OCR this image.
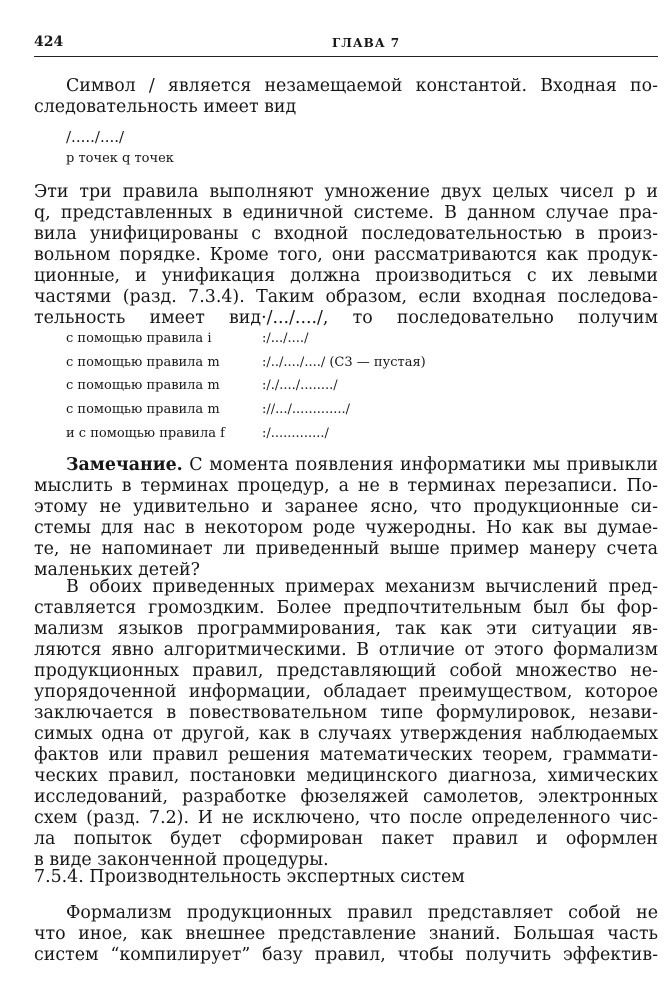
424	ГЛАВА 7
Символ / является незамещаемой константой. Входная по-
следовательность имеет вид
/...../..../
p точек q точек
Эти три правила выполняют умножение двух целых чисел p и
q, представленных в единичной системе. В данном случае пра-
вила унифицированы с входной последовательностью в произ-
вольном порядке. Кроме того, они рассматриваются как продук-
ционные, и унификация должна производиться с их левыми
частями (разд. 7.3.4). Таким образом, если входная последова-
тельность имеет вид·/.../..../, то последовательно получим
с помощью правила i	:/.../..../
с помощью правила m	:/../..../..../ (С3 — пустая)
с помощью правила m	:/./..../......../
с помощью правила m	://.../............./
и с помощью правила f	:/............./
Замечание. С момента появления информатики мы привыкли
мыслить в терминах процедур, а не в терминах перезаписи. По-
этому не удивительно и заранее ясно, что продукционные си-
стемы для нас в некотором роде чужеродны. Но как вы думае-
те, не напоминает ли приведенный выше пример манеру счета
маленьких детей?
В обоих приведенных примерах механизм вычислений пред-
ставляется громоздким. Более предпочтительным был бы фор-
мализм языков программирования, так как эти ситуации яв-
ляются явно алгоритмическими. В отличие от этого формализм
продукционных правил, представляющий собой множество не-
упорядоченной информации, обладает преимуществом, которое
заключается в повествовательном типе формулировок, незави-
симых одна от другой, как в случаях утверждения наблюдаемых
фактов или правил решения математических теорем, граммати-
ческих правил, постановки медицинского диагноза, химических
исследований, разработке фюзеляжей самолетов, электронных
схем (разд. 7.2). И не исключено, что после определенного чис-
ла попыток будет сформирован пакет правил и оформлен
в виде законченной процедуры.
7.5.4. Производнтельность экспертных систем
Формализм продукционных правил представляет собой не
что иное, как внешнее представление знаний. Большая часть
систем “компилирует” базу правил, чтобы получить эффектив-
